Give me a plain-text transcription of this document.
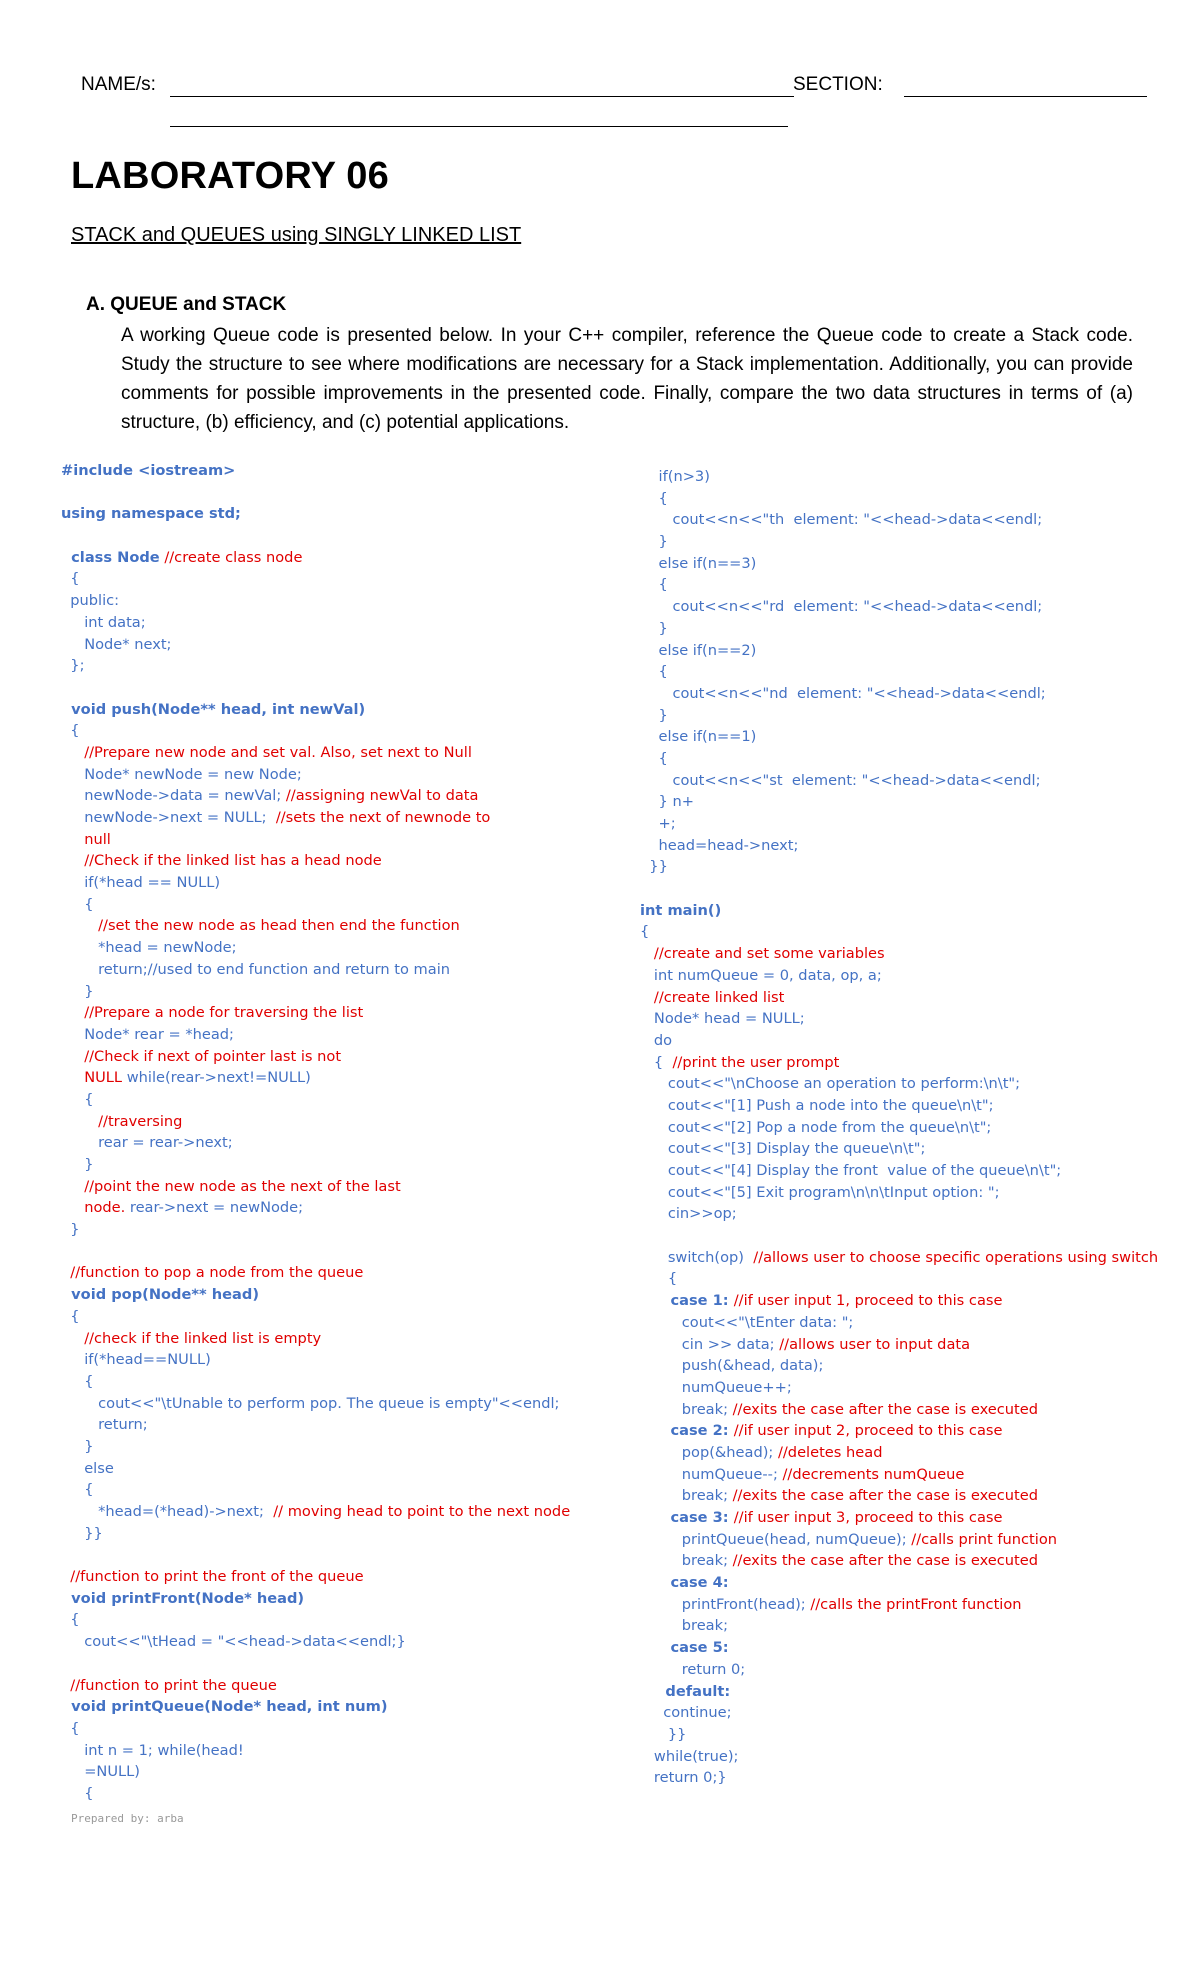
NAME/s:	SECTION:
LABORATORY 06
STACK and QUEUES using SINGLY LINKED LIST
A. QUEUE and STACK
A working Queue code is presented below. In your C++ compiler, reference the Queue code to create a Stack code. Study the structure to see where modifications are necessary for a Stack implementation. Additionally, you can provide comments for possible improvements in the presented code. Finally, compare the two data structures in terms of (a) structure, (b) efficiency, and (c) potential applications.
#include <iostream>
using namespace std;
class Node //create class node
{
public:
int data;
Node* next;
};
void push(Node** head, int newVal)
{
//Prepare new node and set val. Also, set next to Null
Node* newNode = new Node;
newNode->data = newVal; //assigning newVal to data
newNode->next = NULL;  //sets the next of newnode to
null
//Check if the linked list has a head node
if(*head == NULL)
{
//set the new node as head then end the function
*head = newNode;
return;//used to end function and return to main
}
//Prepare a node for traversing the list
Node* rear = *head;
//Check if next of pointer last is not
NULL while(rear->next!=NULL)
{
//traversing
rear = rear->next;
}
//point the new node as the next of the last
node. rear->next = newNode;
}
//function to pop a node from the queue
void pop(Node** head)
{
//check if the linked list is empty
if(*head==NULL)
{
cout<<"\tUnable to perform pop. The queue is empty"<<endl;
return;
}
else
{
*head=(*head)->next;  // moving head to point to the next node
}}
//function to print the front of the queue
void printFront(Node* head)
{
cout<<"\tHead = "<<head->data<<endl;}
//function to print the queue
void printQueue(Node* head, int num)
{
int n = 1; while(head!
=NULL)
{
if(n>3)
{
cout<<n<<"th  element: "<<head->data<<endl;
}
else if(n==3)
{
cout<<n<<"rd  element: "<<head->data<<endl;
}
else if(n==2)
{
cout<<n<<"nd  element: "<<head->data<<endl;
}
else if(n==1)
{
cout<<n<<"st  element: "<<head->data<<endl;
} n+
+;
head=head->next;
}}
int main()
{
//create and set some variables
int numQueue = 0, data, op, a;
//create linked list
Node* head = NULL;
do
{  //print the user prompt
cout<<"\nChoose an operation to perform:\n\t";
cout<<"[1] Push a node into the queue\n\t";
cout<<"[2] Pop a node from the queue\n\t";
cout<<"[3] Display the queue\n\t";
cout<<"[4] Display the front  value of the queue\n\t";
cout<<"[5] Exit program\n\n\tInput option: ";
cin>>op;
switch(op)  //allows user to choose specific operations using switch
{
case 1: //if user input 1, proceed to this case
cout<<"\tEnter data: ";
cin >> data; //allows user to input data
push(&head, data);
numQueue++;
break; //exits the case after the case is executed
case 2: //if user input 2, proceed to this case
pop(&head); //deletes head
numQueue--; //decrements numQueue
break; //exits the case after the case is executed
case 3: //if user input 3, proceed to this case
printQueue(head, numQueue); //calls print function
break; //exits the case after the case is executed
case 4:
printFront(head); //calls the printFront function
break;
case 5:
return 0;
default:
continue;
}}
while(true);
return 0;}
Prepared by: arba
